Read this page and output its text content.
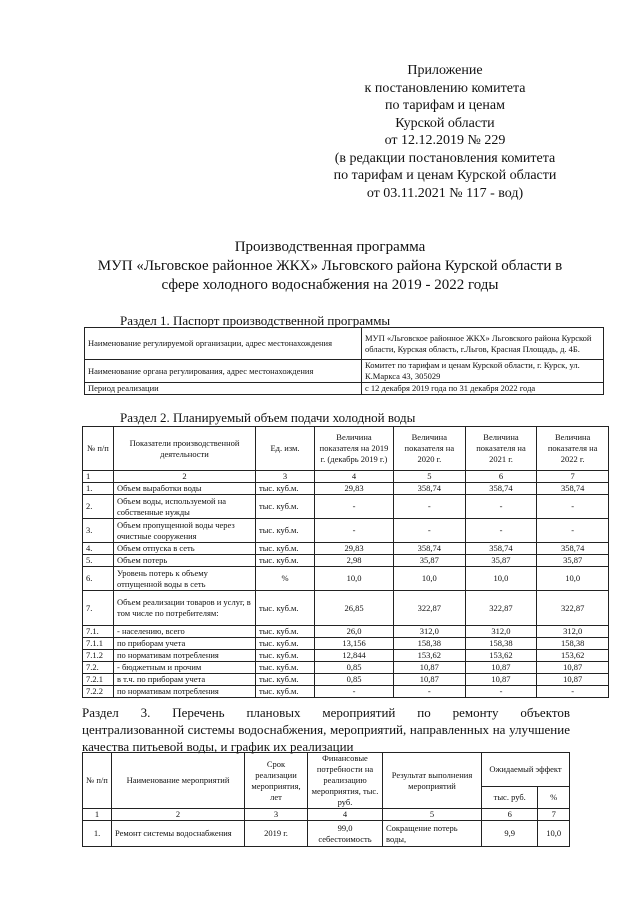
Приложение
к постановлению комитета
по тарифам и ценам
Курской области
от 12.12.2019 № 229
(в редакции постановления комитета
по тарифам и ценам Курской области
от 03.11.2021 № 117 - вод)
Производственная программа
МУП «Льговское районное ЖКХ» Льговского района Курской области в
сфере холодного водоснабжения на 2019 - 2022 годы
Раздел 1. Паспорт производственной программы
Наименование регулируемой организации, адрес местонахождения	МУП «Льговское районное ЖКХ» Льговского района Курской области, Курская область, г.Льгов, Красная Площадь, д. 4Б.
Наименование органа регулирования, адрес местонахождения	Комитет по тарифам и ценам Курской области, г. Курск, ул. К.Маркса 43, 305029
Период реализации	с 12 декабря 2019 года по 31 декабря 2022 года
Раздел 2. Планируемый объем подачи холодной воды
№ п/п	Показатели производственной деятельности	Ед. изм.	Величина показателя на 2019 г. (декабрь 2019 г.)	Величина показателя на 2020 г.	Величина показателя на 2021 г.	Величина показателя на 2022 г.
1	2	3	4	5	6	7
1.	Объем выработки воды	тыс. куб.м.	29,83	358,74	358,74	358,74
2.	Объем воды, используемой на собственные нужды	тыс. куб.м.	-	-	-	-
3.	Объем пропущенной воды через очистные сооружения	тыс. куб.м.	-	-	-	-
4.	Объем отпуска в сеть	тыс. куб.м.	29,83	358,74	358,74	358,74
5.	Объем потерь	тыс. куб.м.	2,98	35,87	35,87	35,87
6.	Уровень потерь к объему отпущенной воды в сеть	%	10,0	10,0	10,0	10,0
7.	Объем реализации товаров и услуг, в том числе по потребителям:	тыс. куб.м.	26,85	322,87	322,87	322,87
7.1.	- населению, всего	тыс. куб.м.	26,0	312,0	312,0	312,0
7.1.1	по приборам учета	тыс. куб.м.	13,156	158,38	158,38	158,38
7.1.2	по нормативам потребления	тыс. куб.м.	12,844	153,62	153,62	153,62
7.2.	- бюджетным и прочим	тыс. куб.м.	0,85	10,87	10,87	10,87
7.2.1	в т.ч. по приборам учета	тыс. куб.м.	0,85	10,87	10,87	10,87
7.2.2	по нормативам потребления	тыс. куб.м.	-	-	-	-
Раздел 3. Перечень плановых мероприятий по ремонту объектов
централизованной системы водоснабжения, мероприятий, направленных на улучшение
качества питьевой воды, и график их реализации
№ п/п	Наименование мероприятий	Срок реализации мероприятия, лет	Финансовые потребности на реализацию мероприятия, тыс. руб.	Результат выполнения мероприятий	Ожидаемый эффект	
					тыс. руб.	%
1	2	3	4	5	6	7
1.	Ремонт системы водоснабжения	2019 г.	99,0 себестоимость	Сокращение потерь воды,	9,9	10,0
